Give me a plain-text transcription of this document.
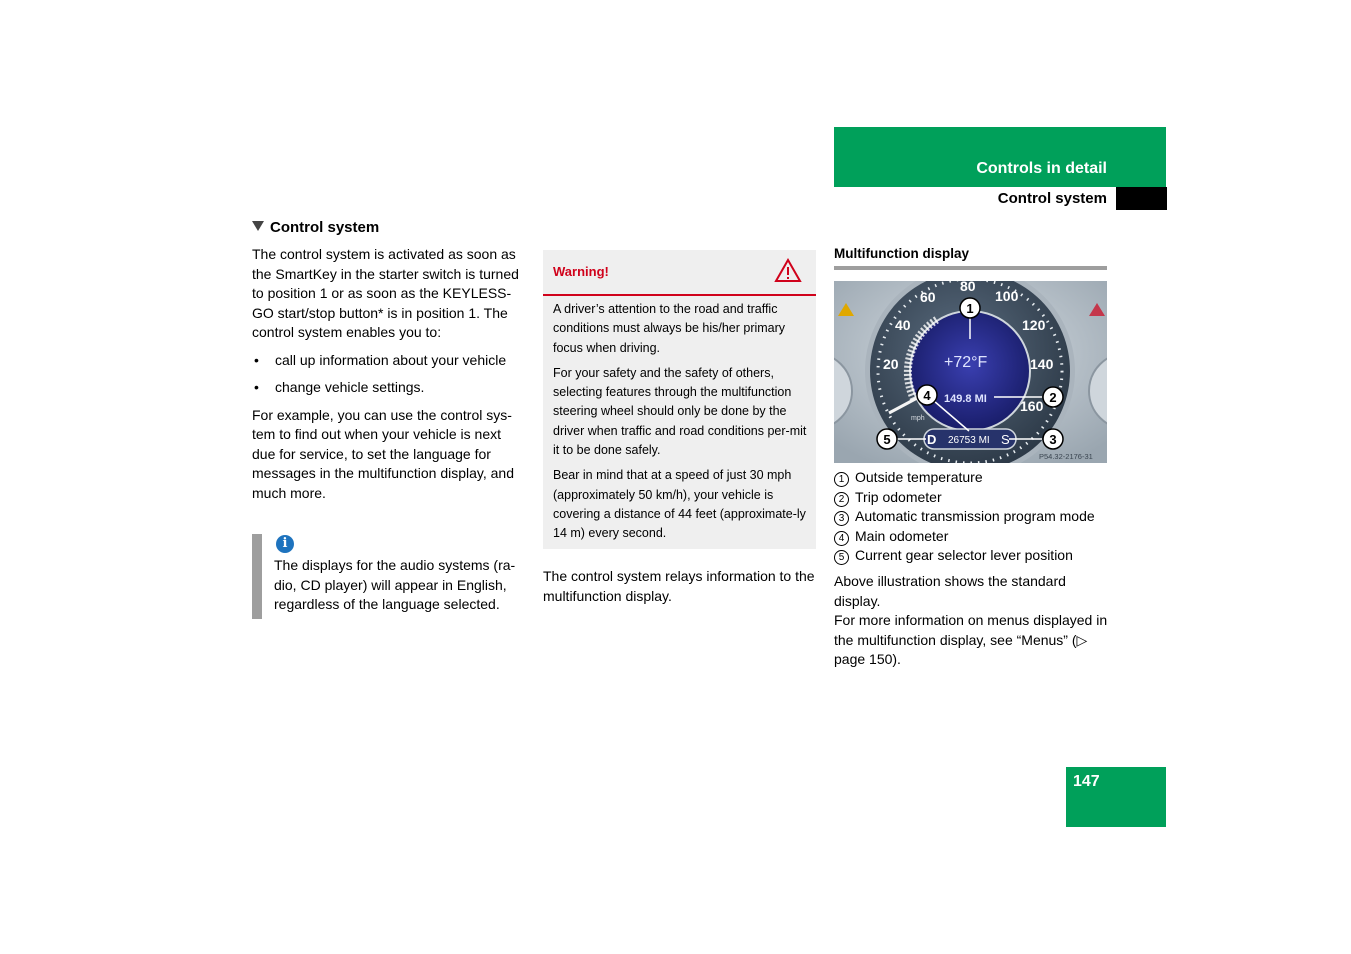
Controls in detail
Control system
Control system

The control system is activated as soon as the SmartKey in the starter switch is turned to position 1 or as soon as the KEYLESS-GO start/stop button* is in position 1. The control system enables you to:

• call up information about your vehicle
• change vehicle settings.

For example, you can use the control sys-tem to find out when your vehicle is next due for service, to set the language for messages in the multifunction display, and much more.

i
The displays for the audio systems (ra-dio, CD player) will appear in English, regardless of the language selected.
Warning!

A driver’s attention to the road and traffic conditions must always be his/her primary focus when driving.

For your safety and the safety of others, selecting features through the multifunction steering wheel should only be done by the driver when traffic and road conditions per-mit it to be done safely.

Bear in mind that at a speed of just 30 mph (approximately 50 km/h), your vehicle is covering a distance of 44 feet (approximate-ly 14 m) every second.

The control system relays information to the multifunction display.
Multifunction display
20
40
60
80
100
120
140
160
+72°F
149.8 MI
mph
D 26753 MI S
1
2
3
4
5
P54.32-2176-31
1 Outside temperature
2 Trip odometer
3 Automatic transmission program mode
4 Main odometer
5 Current gear selector lever position

Above illustration shows the standard display.

For more information on menus displayed in the multifunction display, see “Menus” (▷ page 150).

147
